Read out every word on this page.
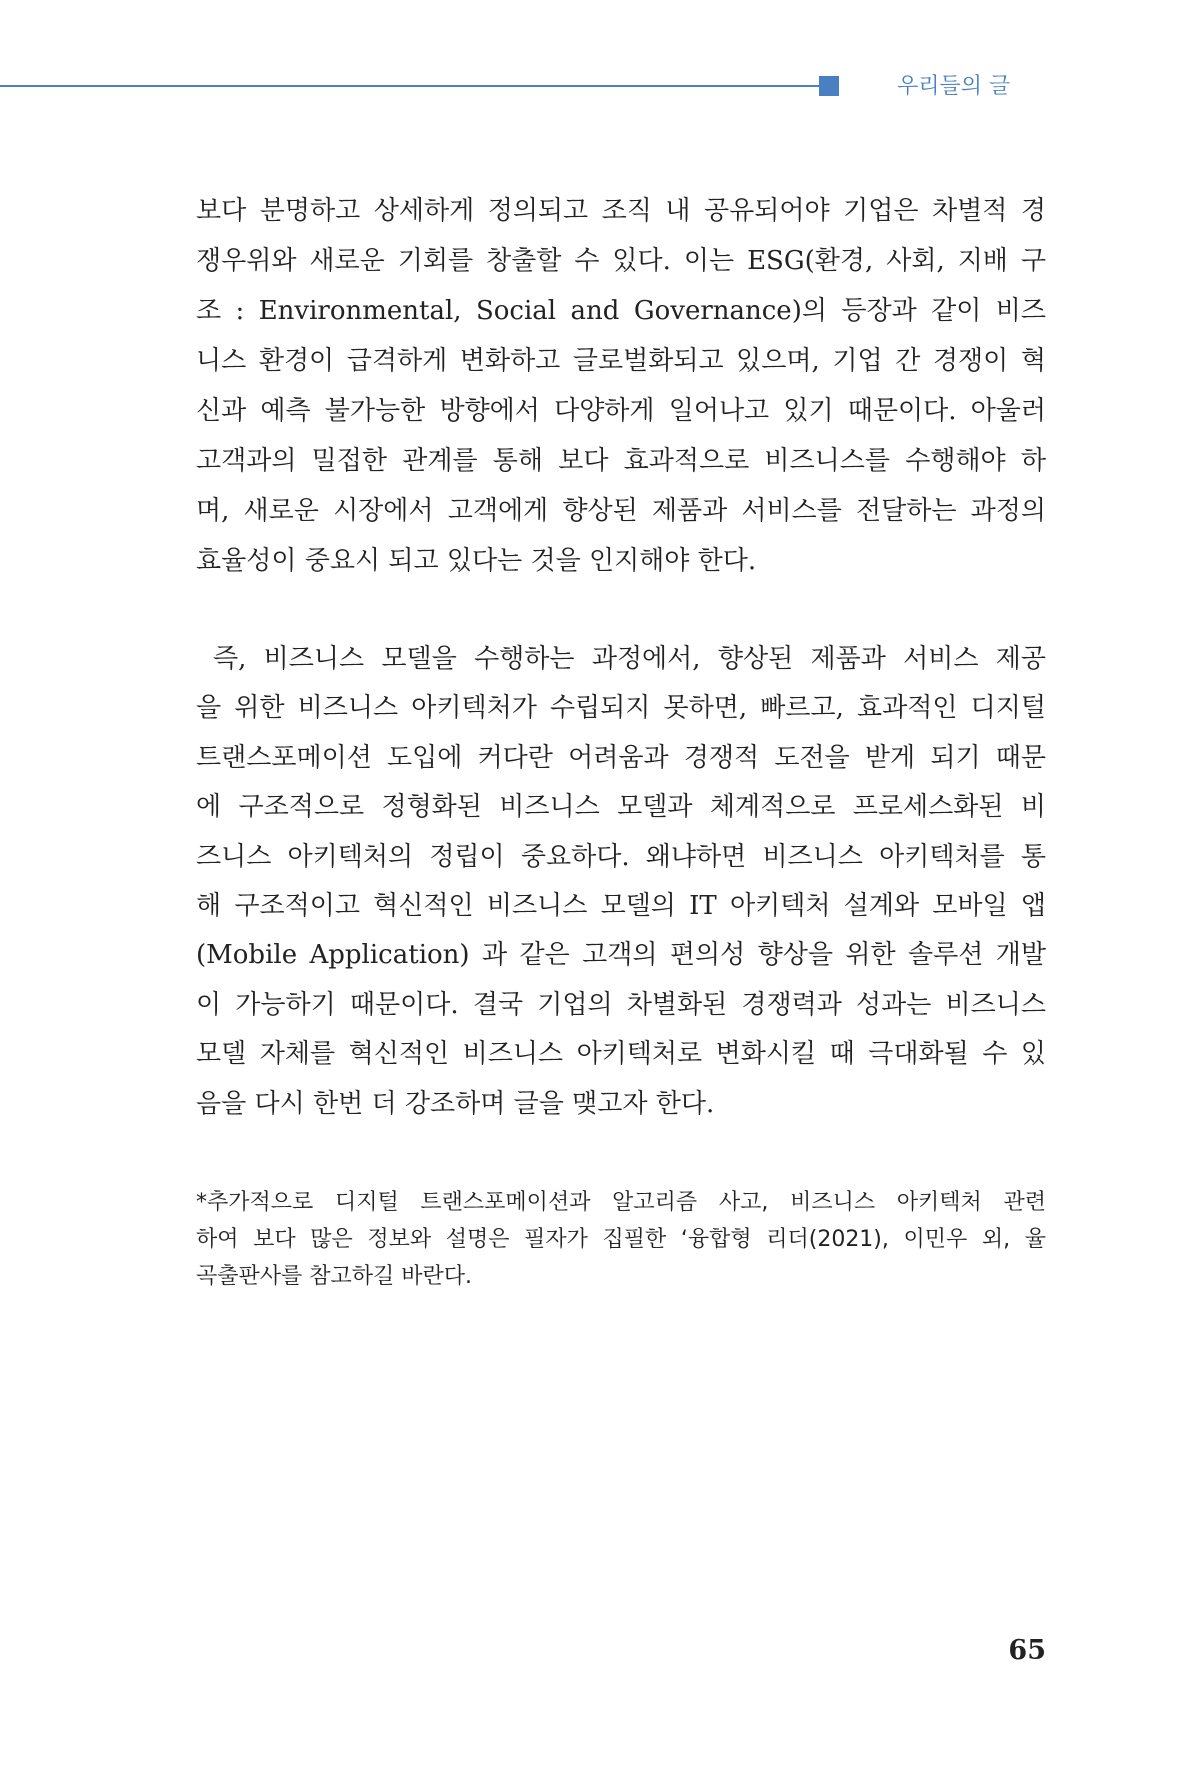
우리들의 글
보다 분명하고 상세하게 정의되고 조직 내 공유되어야 기업은 차별적 경
쟁우위와 새로운 기회를 창출할 수 있다. 이는 ESG(환경, 사회, 지배 구
조 : Environmental, Social and Governance)의 등장과 같이 비즈
니스 환경이 급격하게 변화하고 글로벌화되고 있으며, 기업 간 경쟁이 혁
신과 예측 불가능한 방향에서 다양하게 일어나고 있기 때문이다. 아울러
고객과의 밀접한 관계를 통해 보다 효과적으로 비즈니스를 수행해야 하
며, 새로운 시장에서 고객에게 향상된 제품과 서비스를 전달하는 과정의
효율성이 중요시 되고 있다는 것을 인지해야 한다.
즉, 비즈니스 모델을 수행하는 과정에서, 향상된 제품과 서비스 제공
을 위한 비즈니스 아키텍처가 수립되지 못하면, 빠르고, 효과적인 디지털
트랜스포메이션 도입에 커다란 어려움과 경쟁적 도전을 받게 되기 때문
에 구조적으로 정형화된 비즈니스 모델과 체계적으로 프로세스화된 비
즈니스 아키텍처의 정립이 중요하다. 왜냐하면 비즈니스 아키텍처를 통
해 구조적이고 혁신적인 비즈니스 모델의 IT 아키텍처 설계와 모바일 앱
(Mobile Application) 과 같은 고객의 편의성 향상을 위한 솔루션 개발
이 가능하기 때문이다. 결국 기업의 차별화된 경쟁력과 성과는 비즈니스
모델 자체를 혁신적인 비즈니스 아키텍처로 변화시킬 때 극대화될 수 있
음을 다시 한번 더 강조하며 글을 맺고자 한다.
*추가적으로 디지털 트랜스포메이션과 알고리즘 사고, 비즈니스 아키텍처 관련
하여 보다 많은 정보와 설명은 필자가 집필한 ‘융합형 리더(2021), 이민우 외, 율
곡출판사를 참고하길 바란다.
65
